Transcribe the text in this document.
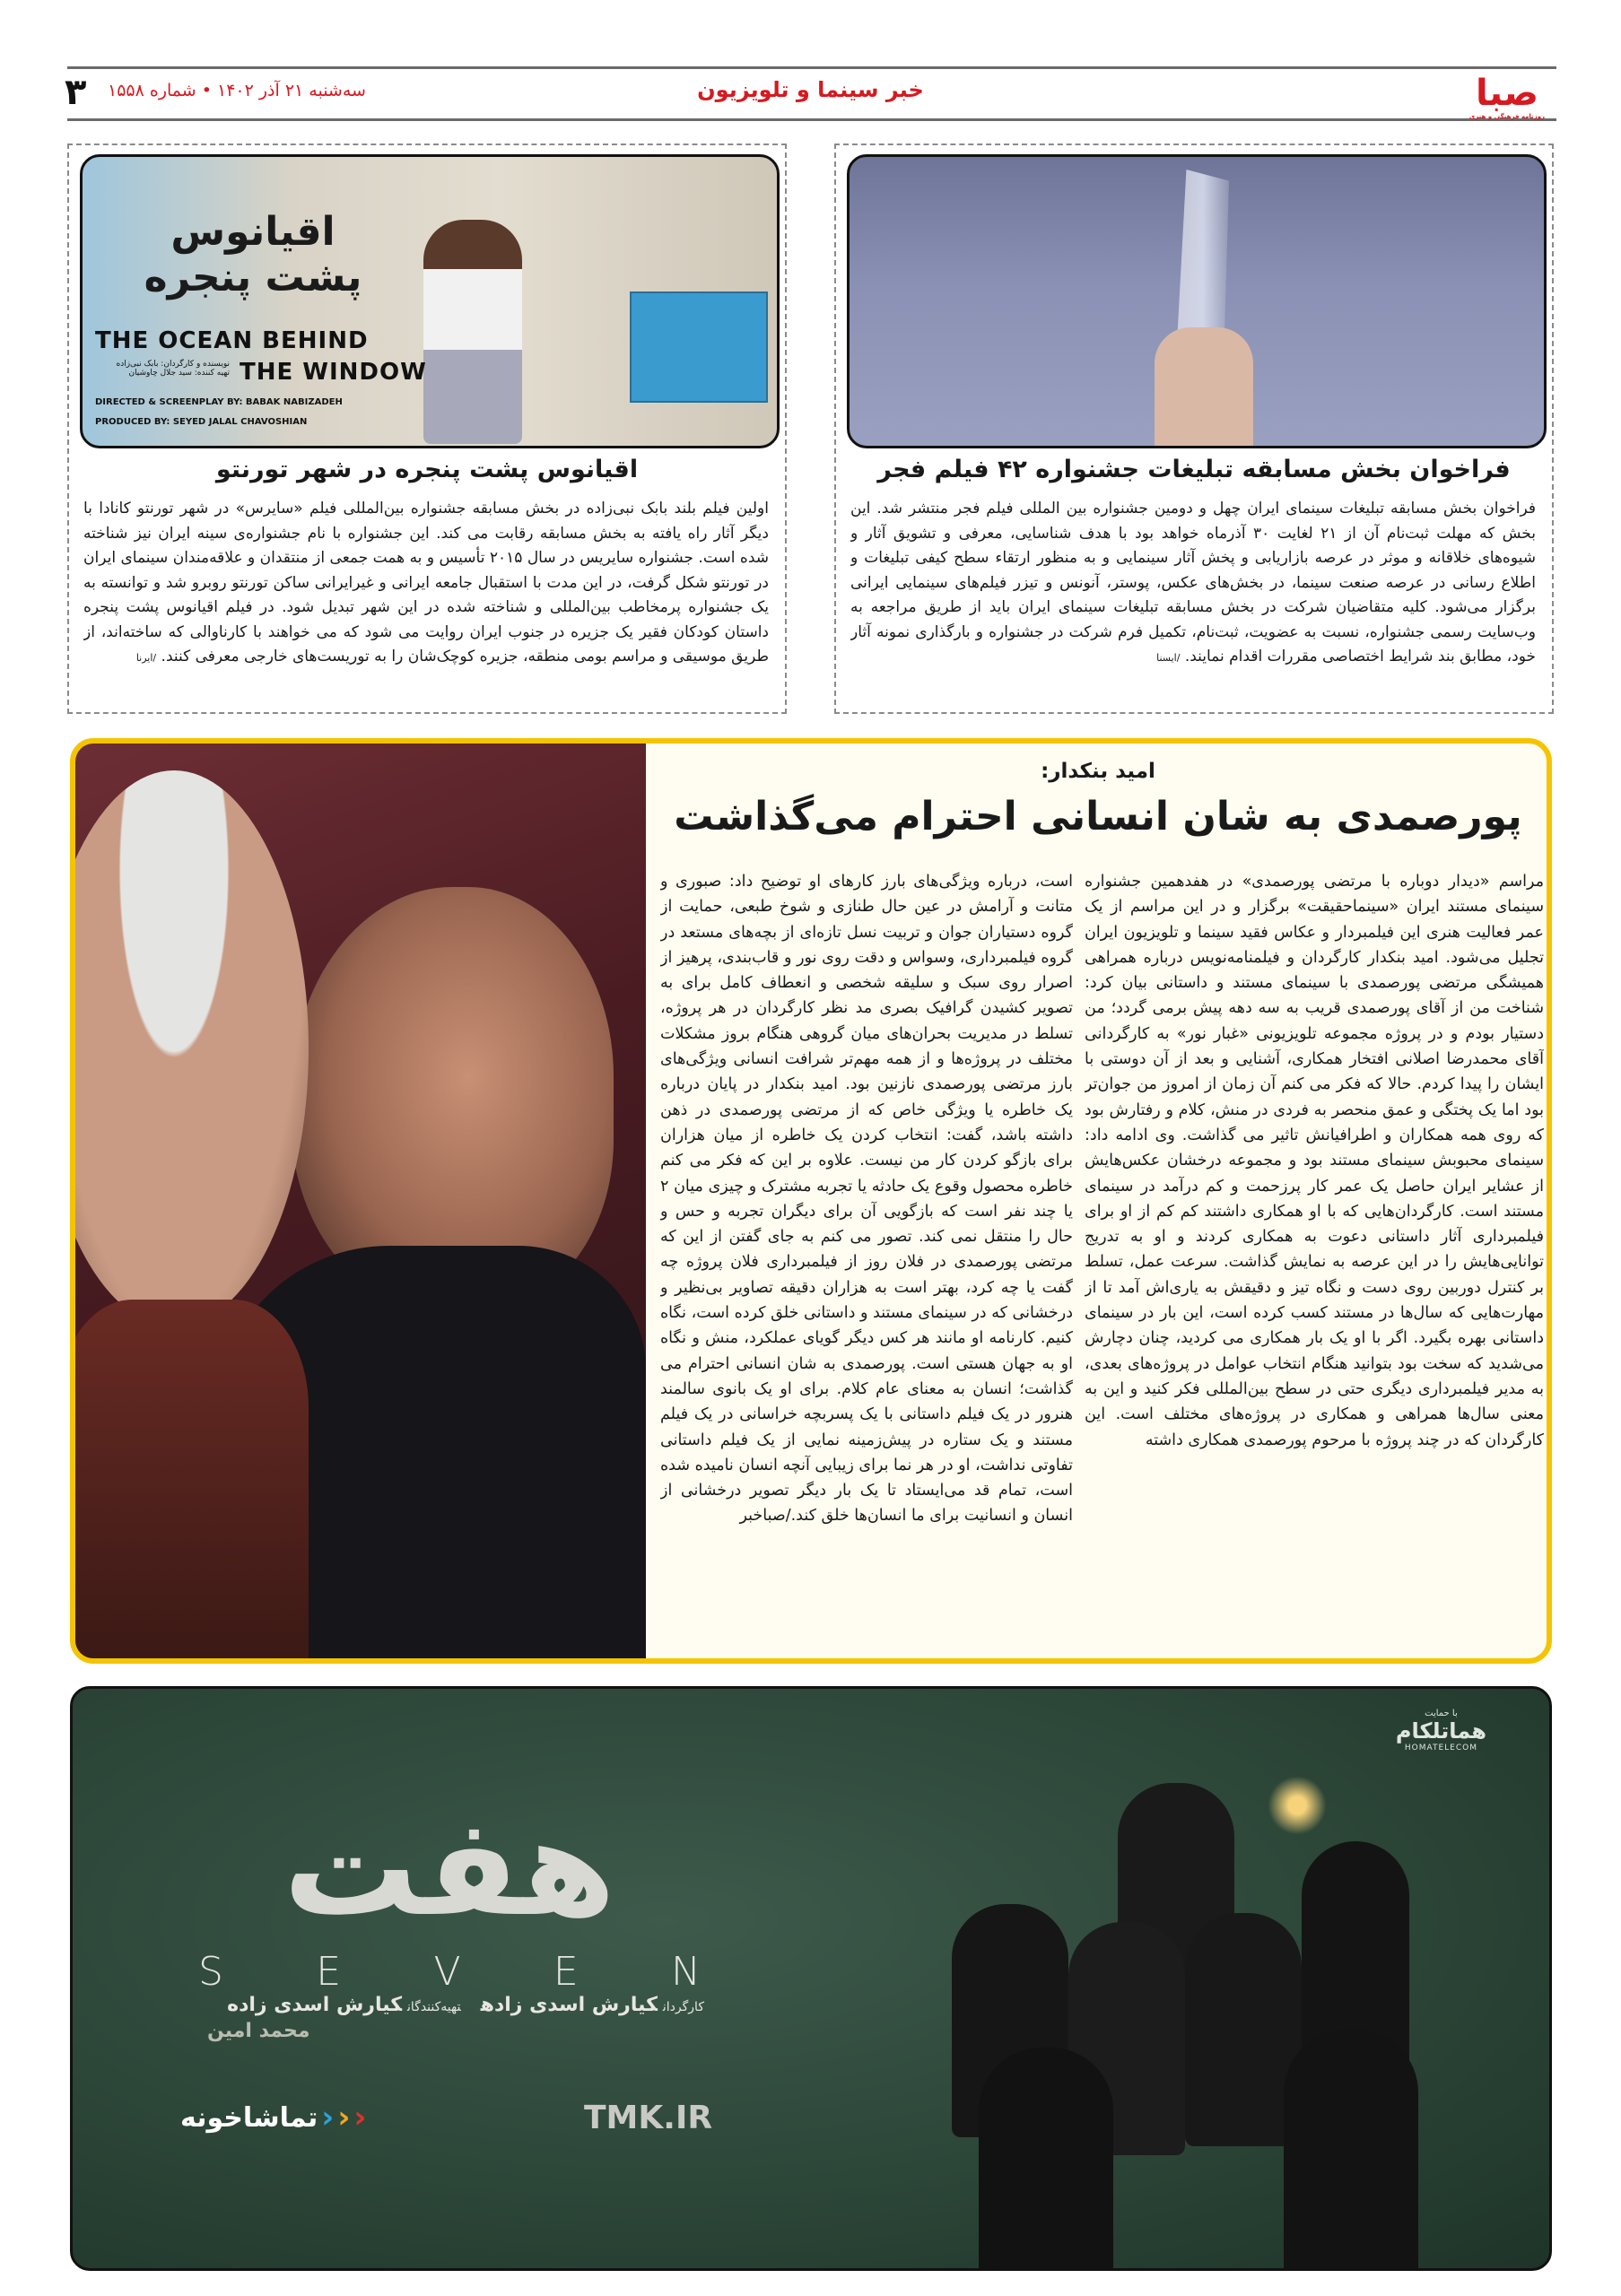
صبا
روزنامه فرهنگی و هنری
خبر سینما و تلویزیون
سه‌شنبه ۲۱ آذر ۱۴۰۲ • شماره ۱۵۵۸
۳
فراخوان بخش مسابقه تبلیغات جشنواره ۴۲ فیلم فجر
فراخوان بخش مسابقه تبلیغات سینمای ایران چهل و دومین جشنواره بین المللی فیلم فجر منتشر شد. این بخش که مهلت ثبت‌نام آن از ۲۱ لغایت ۳۰ آذرماه خواهد بود با هدف شناسایی، معرفی و تشویق آثار و شیوه‌های خلاقانه و موثر در عرصه بازاریابی و پخش آثار سینمایی و به منظور ارتقاء سطح کیفی تبلیغات و اطلاع رسانی در عرصه صنعت سینما، در بخش‌های عکس، پوستر، آنونس و تیزر فیلم‌های سینمایی ایرانی برگزار می‌شود. کلیه متقاضیان شرکت در بخش مسابقه تبلیغات سینمای ایران باید از طریق مراجعه به وب‌سایت رسمی جشنواره، نسبت به عضویت، ثبت‌نام، تکمیل فرم شرکت در جشنواره و بارگذاری نمونه آثار خود، مطابق بند شرایط اختصاصی مقررات اقدام نمایند. /ایسنا
اقیانوس پشت پنجره
THE OCEAN BEHIND
THE WINDOW
نویسنده و کارگردان: بابک نبی‌زاده
تهیه کننده: سید جلال چاوشیان
DIRECTED & SCREENPLAY BY: BABAK NABIZADEH
PRODUCED BY: SEYED JALAL CHAVOSHIAN
اقیانوس پشت پنجره در شهر تورنتو
اولین فیلم بلند بابک نبی‌زاده در بخش مسابقه جشنواره بین‌المللی فیلم «سایرس» در شهر تورنتو کانادا با دیگر آثار راه یافته به بخش مسابقه رقابت می کند. این جشنواره با نام جشنواره‌ی سینه ایران نیز شناخته شده است. جشنواره سایریس در سال ۲۰۱۵ تأسیس و به همت جمعی از منتقدان و علاقه‌مندان سینمای ایران در تورنتو شکل گرفت، در این مدت با استقبال جامعه ایرانی و غیرایرانی ساکن تورنتو روبرو شد و توانسته به یک جشنواره پرمخاطب بین‌المللی و شناخته شده در این شهر تبدیل شود. در فیلم اقیانوس پشت پنجره داستان کودکان فقیر یک جزیره در جنوب ایران روایت می شود که می خواهند با کارناوالی که ساخته‌اند، از طریق موسیقی و مراسم بومی منطقه، جزیره کوچک‌شان را به توریست‌های خارجی معرفی کنند. /ایرنا
امید بنکدار:
پورصمدی به شان انسانی احترام می‌گذاشت
مراسم «دیدار دوباره با مرتضی پورصمدی» در هفدهمین جشنواره سینمای مستند ایران «سینماحقیقت» برگزار و در این مراسم از یک عمر فعالیت هنری این فیلمبردار و عکاس فقید سینما و تلویزیون ایران تجلیل می‌شود. امید بنکدار کارگردان و فیلمنامه‌نویس درباره همراهی همیشگی مرتضی پورصمدی با سینمای مستند و داستانی بیان کرد: شناخت من از آقای پورصمدی قریب به سه دهه پیش برمی گردد؛ من دستیار بودم و در پروژه مجموعه تلویزیونی «غبار نور» به کارگردانی آقای محمدرضا اصلانی افتخار همکاری، آشنایی و بعد از آن دوستی با ایشان را پیدا کردم. حالا که فکر می کنم آن زمان از امروز من جوان‌تر بود اما یک پختگی و عمق منحصر به فردی در منش، کلام و رفتارش بود که روی همه همکاران و اطرافیانش تاثیر می گذاشت. وی ادامه داد: سینمای محبوبش سینمای مستند بود و مجموعه درخشان عکس‌هایش از عشایر ایران حاصل یک عمر کار پرزحمت و کم درآمد در سینمای مستند است. کارگردان‌هایی که با او همکاری داشتند کم کم از او برای فیلمبرداری آثار داستانی دعوت به همکاری کردند و او به تدریج توانایی‌هایش را در این عرصه به نمایش گذاشت. سرعت عمل، تسلط بر کنترل دوربین روی دست و نگاه تیز و دقیقش به یاری‌اش آمد تا از مهارت‌هایی که سال‌ها در مستند کسب کرده است، این بار در سینمای داستانی بهره بگیرد. اگر با او یک بار همکاری می کردید، چنان دچارش می‌شدید که سخت بود بتوانید هنگام انتخاب عوامل در پروژه‌های بعدی، به مدیر فیلمبرداری دیگری حتی در سطح بین‌المللی فکر کنید و این به معنی سال‌ها همراهی و همکاری در پروژه‌های مختلف است. این کارگردان که در چند پروژه با مرحوم پورصمدی همکاری داشته
است، درباره ویژگی‌های بارز کارهای او توضیح داد: صبوری و متانت و آرامش در عین حال طنازی و شوخ طبعی، حمایت از گروه دستیاران جوان و تربیت نسل تازه‌ای از بچه‌های مستعد در گروه فیلمبرداری، وسواس و دقت روی نور و قاب‌بندی، پرهیز از اصرار روی سبک و سلیقه شخصی و انعطاف کامل برای به تصویر کشیدن گرافیک بصری مد نظر کارگردان در هر پروژه، تسلط در مدیریت بحران‌های میان گروهی هنگام بروز مشکلات مختلف در پروژه‌ها و از همه مهم‌تر شرافت انسانی ویژگی‌های بارز مرتضی پورصمدی نازنین بود. امید بنکدار در پایان درباره یک خاطره یا ویژگی خاص که از مرتضی پورصمدی در ذهن داشته باشد، گفت: انتخاب کردن یک خاطره از میان هزاران برای بازگو کردن کار من نیست. علاوه بر این که فکر می کنم خاطره محصول وقوع یک حادثه یا تجربه مشترک و چیزی میان ۲ یا چند نفر است که بازگویی آن برای دیگران تجربه و حس و حال را منتقل نمی کند. تصور می کنم به جای گفتن از این که مرتضی پورصمدی در فلان روز از فیلمبرداری فلان پروژه چه گفت یا چه کرد، بهتر است به هزاران دقیقه تصاویر بی‌نظیر و درخشانی که در سینمای مستند و داستانی خلق کرده است، نگاه کنیم. کارنامه او مانند هر کس دیگر گویای عملکرد، منش و نگاه او به جهان هستی است. پورصمدی به شان انسانی احترام می گذاشت؛ انسان به معنای عام کلام. برای او یک بانوی سالمند هنرور در یک فیلم داستانی با یک پسربچه خراسانی در یک فیلم مستند و یک ستاره در پیش‌زمینه نمایی از یک فیلم داستانی تفاوتی نداشت، او در هر نما برای زیبایی آنچه انسان نامیده شده است، تمام قد می‌ایستاد تا یک بار دیگر تصویر درخشانی از انسان و انسانیت برای ما انسان‌ها خلق کند./صباخبر
هفت
S E V E N
کارگردانکیارش اسدی زادهتهیه‌کنندگانکیارش اسدی زاده
محمد امین
تماشاخونه › › ›	TMK.IR
با حمایت
هماتلکام
HOMATELECOM
